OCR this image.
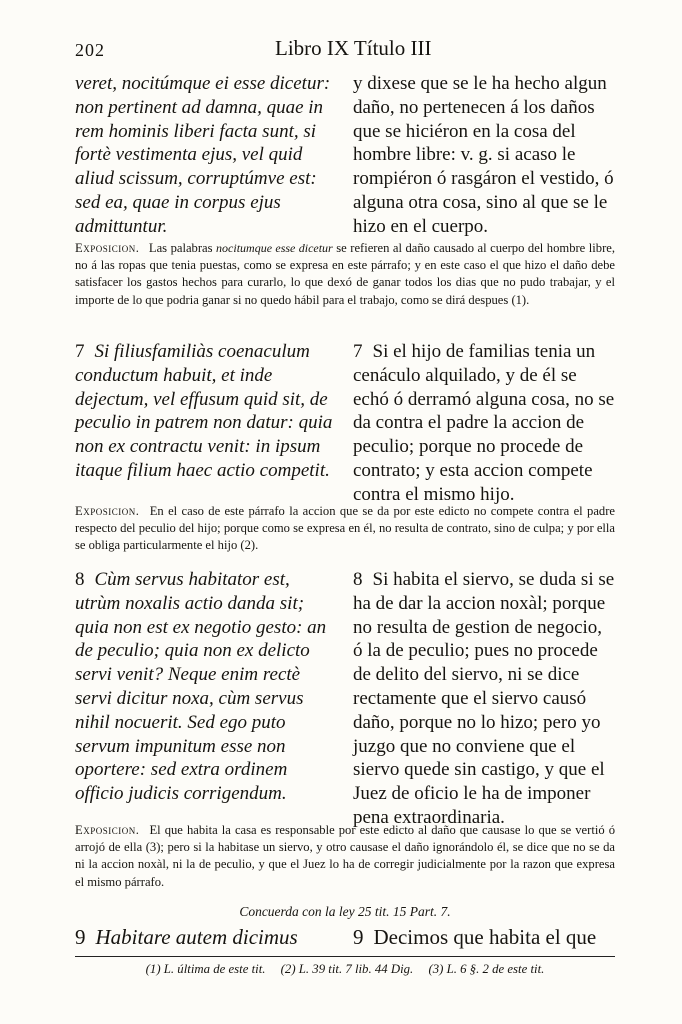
202	Libro IX Título III
veret, nocitúmque ei esse dicetur: non pertinent ad damna, quae in rem hominis liberi facta sunt, si fortè vestimenta ejus, vel quid aliud scissum, corruptúmve est: sed ea, quae in corpus ejus admittuntur.
y dixese que se le ha hecho algun daño, no pertenecen á los daños que se hiciéron en la cosa del hombre libre: v. g. si acaso le rompiéron ó rasgáron el vestido, ó alguna otra cosa, sino al que se le hizo en el cuerpo.
Exposicion. Las palabras nocitumque esse dicetur se refieren al daño causado al cuerpo del hombre libre, no á las ropas que tenia puestas, como se expresa en este párrafo; y en este caso el que hizo el daño debe satisfacer los gastos hechos para curarlo, lo que dexó de ganar todos los dias que no pudo trabajar, y el importe de lo que podria ganar si no quedo hábil para el trabajo, como se dirá despues (1).
7 Si filiusfamiliàs coenaculum conductum habuit, et inde dejectum, vel effusum quid sit, de peculio in patrem non datur: quia non ex contractu venit: in ipsum itaque filium haec actio competit.
7 Si el hijo de familias tenia un cenáculo alquilado, y de él se echó ó derramó alguna cosa, no se da contra el padre la accion de peculio; porque no procede de contrato; y esta accion compete contra el mismo hijo.
Exposicion. En el caso de este párrafo la accion que se da por este edicto no compete contra el padre respecto del peculio del hijo; porque como se expresa en él, no resulta de contrato, sino de culpa; y por ella se obliga particularmente el hijo (2).
8 Cùm servus habitator est, utrùm noxalis actio danda sit; quia non est ex negotio gesto: an de peculio; quia non ex delicto servi venit? Neque enim rectè servi dicitur noxa, cùm servus nihil nocuerit. Sed ego puto servum impunitum esse non oportere: sed extra ordinem officio judicis corrigendum.
8 Si habita el siervo, se duda si se ha de dar la accion noxàl; porque no resulta de gestion de negocio, ó la de peculio; pues no procede de delito del siervo, ni se dice rectamente que el siervo causó daño, porque no lo hizo; pero yo juzgo que no conviene que el siervo quede sin castigo, y que el Juez de oficio le ha de imponer pena extraordinaria.
Exposicion. El que habita la casa es responsable por este edicto al daño que causase lo que se vertió ó arrojó de ella (3); pero si la habitase un siervo, y otro causase el daño ignorándolo él, se dice que no se da ni la accion noxàl, ni la de peculio, y que el Juez lo ha de corregir judicialmente por la razon que expresa el mismo párrafo.
Concuerda con la ley 25 tit. 15 Part. 7.
9 Habitare autem dicimus	9 Decimos que habita el que
(1) L. última de este tit. (2) L. 39 tit. 7 lib. 44 Dig. (3) L. 6 §. 2 de este tit.
